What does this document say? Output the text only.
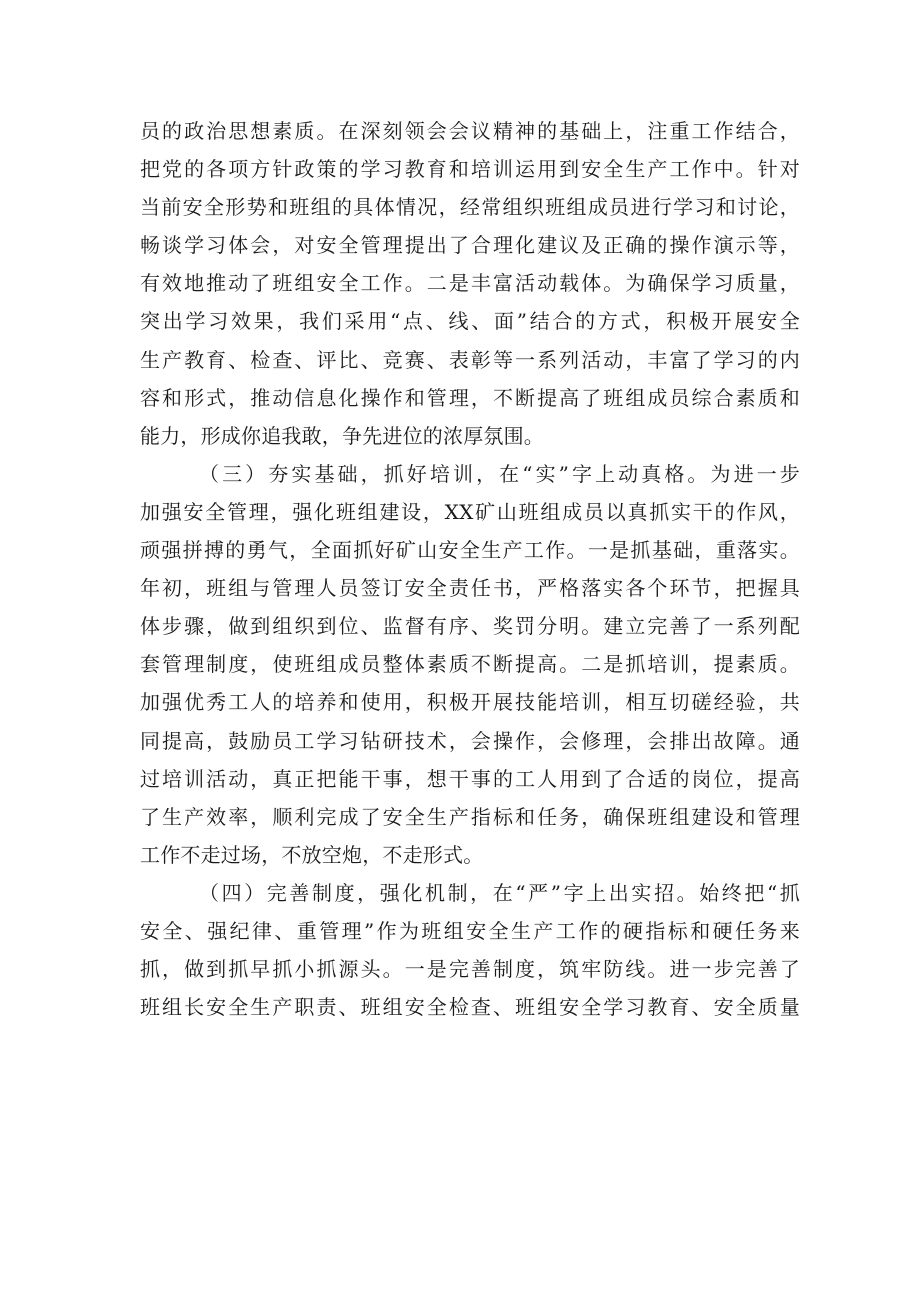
员的政治思想素质。在深刻领会会议精神的基础上，注重工作结合，
把党的各项方针政策的学习教育和培训运用到安全生产工作中。针对
当前安全形势和班组的具体情况，经常组织班组成员进行学习和讨论，
畅谈学习体会，对安全管理提出了合理化建议及正确的操作演示等，
有效地推动了班组安全工作。二是丰富活动载体。为确保学习质量，
突出学习效果，我们采用“点、线、面”结合的方式，积极开展安全
生产教育、检查、评比、竞赛、表彰等一系列活动，丰富了学习的内
容和形式，推动信息化操作和管理，不断提高了班组成员综合素质和
能力，形成你追我敢，争先进位的浓厚氛围。
（三）夯实基础，抓好培训，在“实”字上动真格。为进一步
加强安全管理，强化班组建设，XX矿山班组成员以真抓实干的作风，
顽强拼搏的勇气，全面抓好矿山安全生产工作。一是抓基础，重落实。
年初，班组与管理人员签订安全责任书，严格落实各个环节，把握具
体步骤，做到组织到位、监督有序、奖罚分明。建立完善了一系列配
套管理制度，使班组成员整体素质不断提高。二是抓培训，提素质。
加强优秀工人的培养和使用，积极开展技能培训，相互切磋经验，共
同提高，鼓励员工学习钻研技术，会操作，会修理，会排出故障。通
过培训活动，真正把能干事，想干事的工人用到了合适的岗位，提高
了生产效率，顺利完成了安全生产指标和任务，确保班组建设和管理
工作不走过场，不放空炮，不走形式。
（四）完善制度，强化机制，在“严”字上出实招。始终把“抓
安全、强纪律、重管理”作为班组安全生产工作的硬指标和硬任务来
抓，做到抓早抓小抓源头。一是完善制度，筑牢防线。进一步完善了
班组长安全生产职责、班组安全检查、班组安全学习教育、安全质量
